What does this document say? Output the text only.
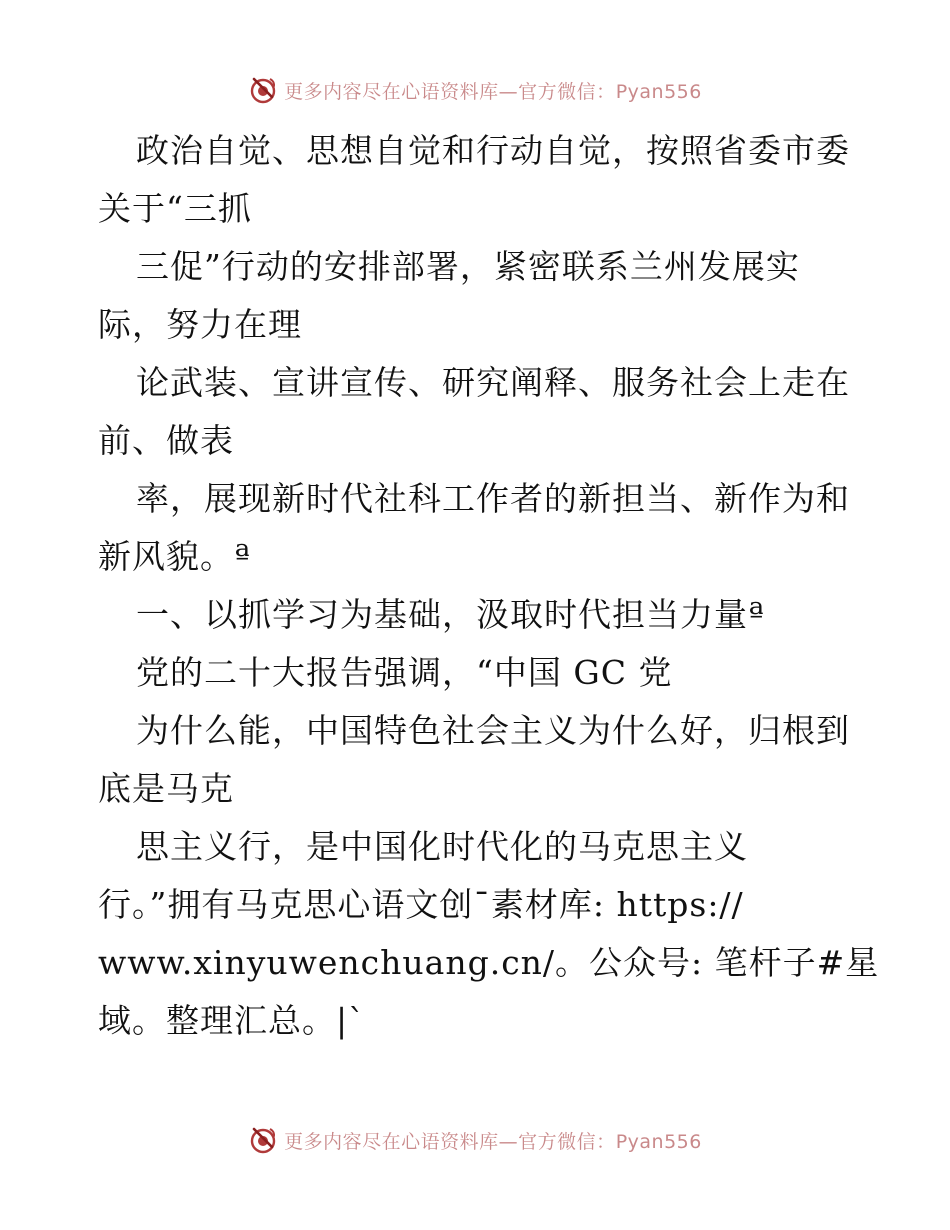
更多内容尽在心语资料库—官方微信：Pyan556
政治自觉、思想自觉和行动自觉，按照省委市委
关于“三抓
三促”行动的安排部署，紧密联系兰州发展实
际，努力在理
论武装、宣讲宣传、研究阐释、服务社会上走在
前、做表
率，展现新时代社科工作者的新担当、新作为和
新风貌。ª
一、以抓学习为基础，汲取时代担当力量ª
党的二十大报告强调，“中国 GC 党
为什么能，中国特色社会主义为什么好，归根到
底是马克
思主义行，是中国化时代化的马克思主义
行。”拥有马克思心语文创¯素材库: https://
www.xinyuwenchuang.cn/。公众号: 笔杆子#星
域。整理汇总。|`
更多内容尽在心语资料库—官方微信：Pyan556
